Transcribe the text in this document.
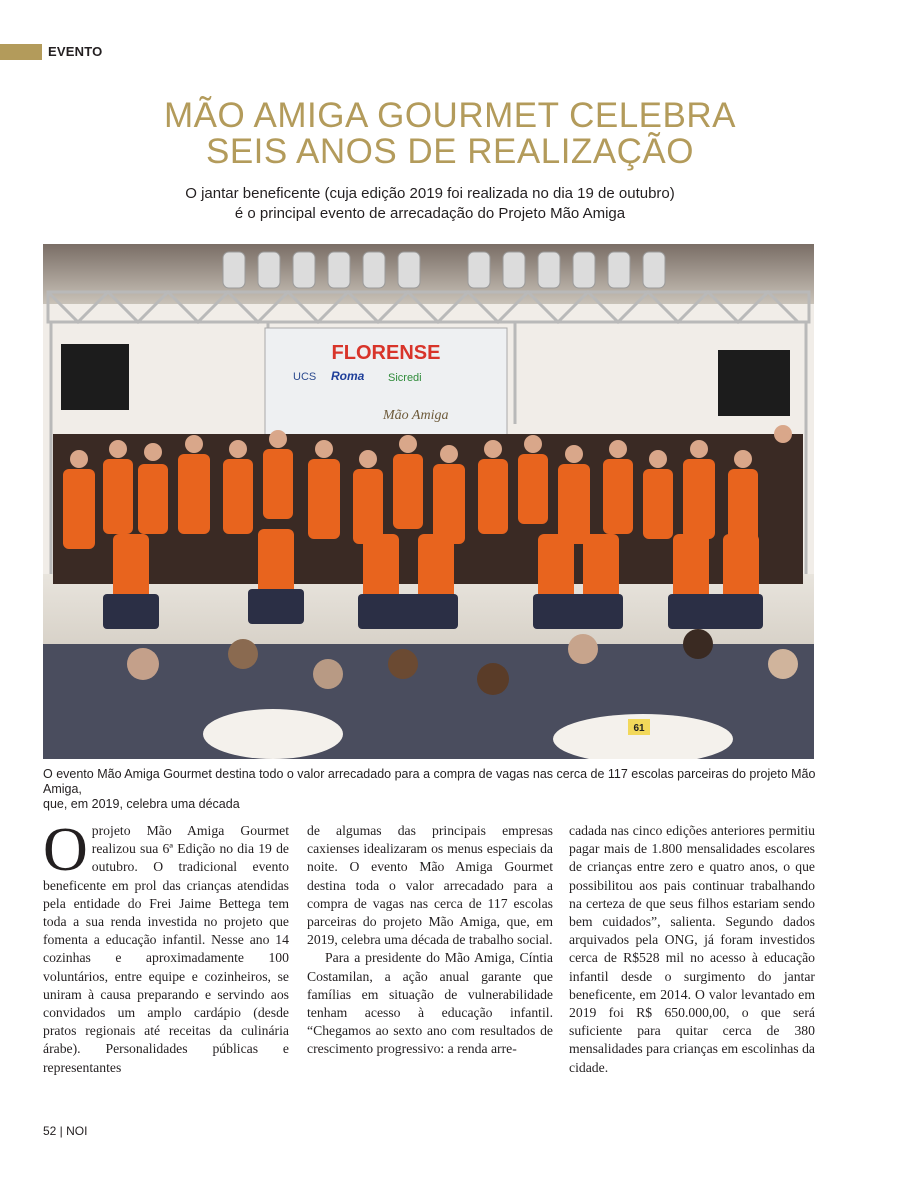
EVENTO
MÃO AMIGA GOURMET CELEBRA
SEIS ANOS DE REALIZAÇÃO

O jantar beneficente (cuja edição 2019 foi realizada no dia 19 de outubro)
é o principal evento de arrecadação do Projeto Mão Amiga

FLORENSE
UCS Roma Sicredi
Mão Amiga
61

O evento Mão Amiga Gourmet destina todo o valor arrecadado para a compra de vagas nas cerca de 117 escolas parceiras do projeto Mão Amiga,
que, em 2019, celebra uma década

Oprojeto Mão Amiga Gourmet realizou sua 6ª Edição no dia 19 de outubro. O tradicional evento beneficente em prol das crianças atendidas pela entidade do Frei Jaime Bettega tem toda a sua renda investida no projeto que fomenta a educação infantil. Nesse ano 14 cozinhas e aproximadamente 100 voluntários, entre equipe e cozinheiros, se uniram à causa preparando e servindo aos convidados um amplo cardápio (desde pratos regionais até receitas da culinária árabe). Personalidades públicas e representantes

de algumas das principais empresas caxienses idealizaram os menus especiais da noite. O evento Mão Amiga Gourmet destina toda o valor arrecadado para a compra de vagas nas cerca de 117 escolas parceiras do projeto Mão Amiga, que, em 2019, celebra uma década de trabalho social.

Para a presidente do Mão Amiga, Cíntia Costamilan, a ação anual garante que famílias em situação de vulnerabilidade tenham acesso à educação infantil. “Chegamos ao sexto ano com resultados de crescimento progressivo: a renda arre-

cadada nas cinco edições anteriores permitiu pagar mais de 1.800 mensalidades escolares de crianças entre zero e quatro anos, o que possibilitou aos pais continuar trabalhando na certeza de que seus filhos estariam sendo bem cuidados”, salienta. Segundo dados arquivados pela ONG, já foram investidos cerca de R$528 mil no acesso à educação infantil desde o surgimento do jantar beneficente, em 2014. O valor levantado em 2019 foi R$ 650.000,00, o que será suficiente para quitar cerca de 380 mensalidades para crianças em escolinhas da cidade.

52 | NOI
